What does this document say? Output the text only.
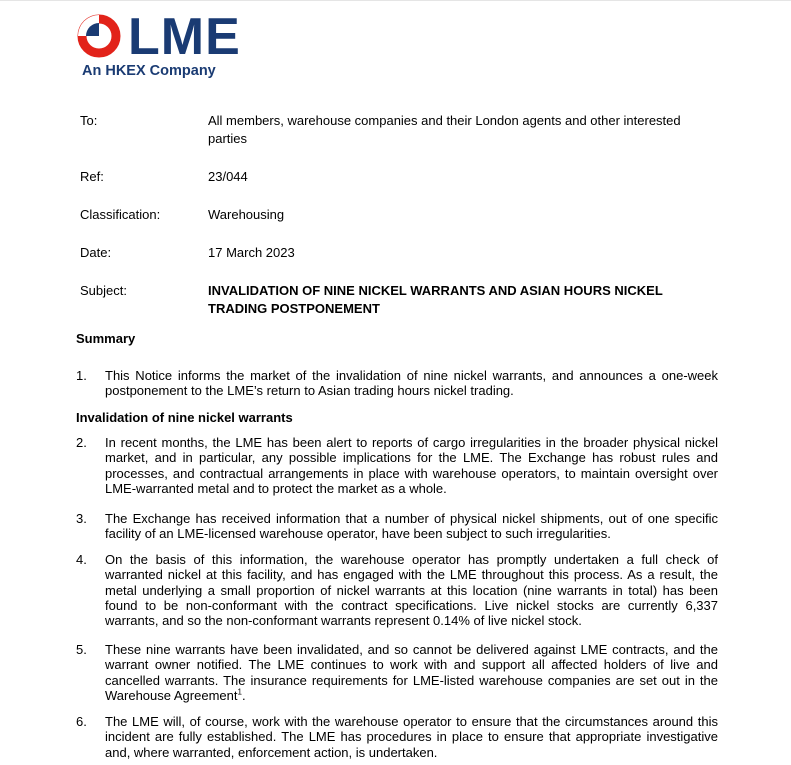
LME
An HKEX Company
To:	All members, warehouse companies and their London agents and other interested parties
Ref:	23/044
Classification:	Warehousing
Date:	17 March 2023
Subject:	INVALIDATION OF NINE NICKEL WARRANTS AND ASIAN HOURS NICKEL TRADING POSTPONEMENT
Summary
1.	This Notice informs the market of the invalidation of nine nickel warrants, and announces a one-week postponement to the LME’s return to Asian trading hours nickel trading.
Invalidation of nine nickel warrants
2.	In recent months, the LME has been alert to reports of cargo irregularities in the broader physical nickel market, and in particular, any possible implications for the LME. The Exchange has robust rules and processes, and contractual arrangements in place with warehouse operators, to maintain oversight over LME-warranted metal and to protect the market as a whole.
3.	The Exchange has received information that a number of physical nickel shipments, out of one specific facility of an LME-licensed warehouse operator, have been subject to such irregularities.
4.	On the basis of this information, the warehouse operator has promptly undertaken a full check of warranted nickel at this facility, and has engaged with the LME throughout this process. As a result, the metal underlying a small proportion of nickel warrants at this location (nine warrants in total) has been found to be non-conformant with the contract specifications. Live nickel stocks are currently 6,337 warrants, and so the non-conformant warrants represent 0.14% of live nickel stock.
5.	These nine warrants have been invalidated, and so cannot be delivered against LME contracts, and the warrant owner notified. The LME continues to work with and support all affected holders of live and cancelled warrants. The insurance requirements for LME-listed warehouse companies are set out in the Warehouse Agreement$^1$.
6.	The LME will, of course, work with the warehouse operator to ensure that the circumstances around this incident are fully established. The LME has procedures in place to ensure that appropriate investigative and, where warranted, enforcement action, is undertaken.
